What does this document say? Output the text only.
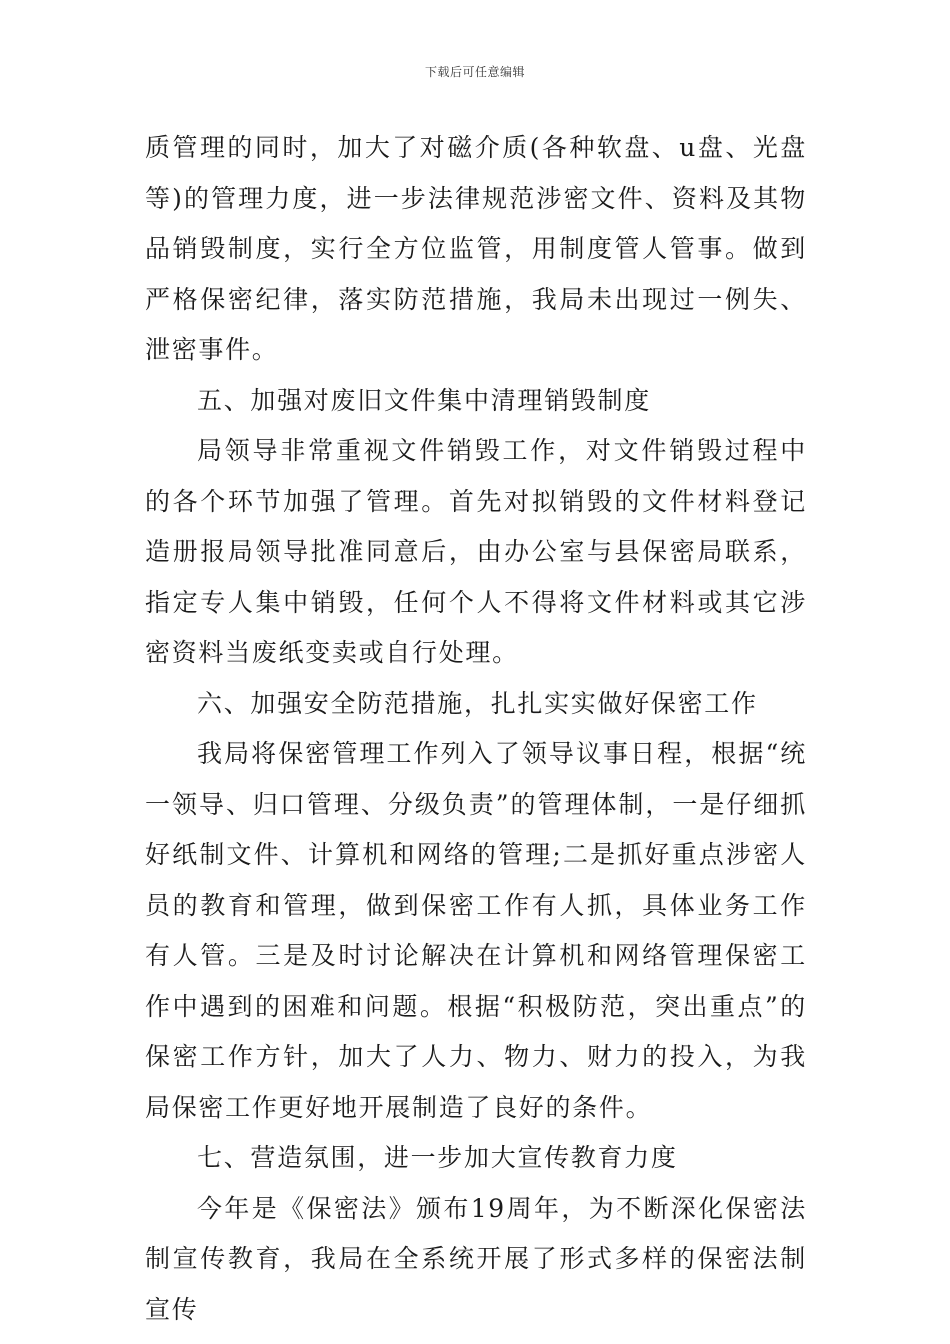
下载后可任意编辑

质管理的同时，加大了对磁介质(各种软盘、u盘、光盘等)的管理力度，进一步法律规范涉密文件、资料及其物品销毁制度，实行全方位监管，用制度管人管事。做到严格保密纪律，落实防范措施，我局未出现过一例失、泄密事件。

五、加强对废旧文件集中清理销毁制度

局领导非常重视文件销毁工作，对文件销毁过程中的各个环节加强了管理。首先对拟销毁的文件材料登记造册报局领导批准同意后，由办公室与县保密局联系，指定专人集中销毁，任何个人不得将文件材料或其它涉密资料当废纸变卖或自行处理。

六、加强安全防范措施，扎扎实实做好保密工作

我局将保密管理工作列入了领导议事日程，根据“统一领导、归口管理、分级负责”的管理体制，一是仔细抓好纸制文件、计算机和网络的管理;二是抓好重点涉密人员的教育和管理，做到保密工作有人抓，具体业务工作有人管。三是及时讨论解决在计算机和网络管理保密工作中遇到的困难和问题。根据“积极防范，突出重点”的保密工作方针，加大了人力、物力、财力的投入，为我局保密工作更好地开展制造了良好的条件。

七、营造氛围，进一步加大宣传教育力度

今年是《保密法》颁布19周年，为不断深化保密法制宣传教育，我局在全系统开展了形式多样的保密法制宣传
